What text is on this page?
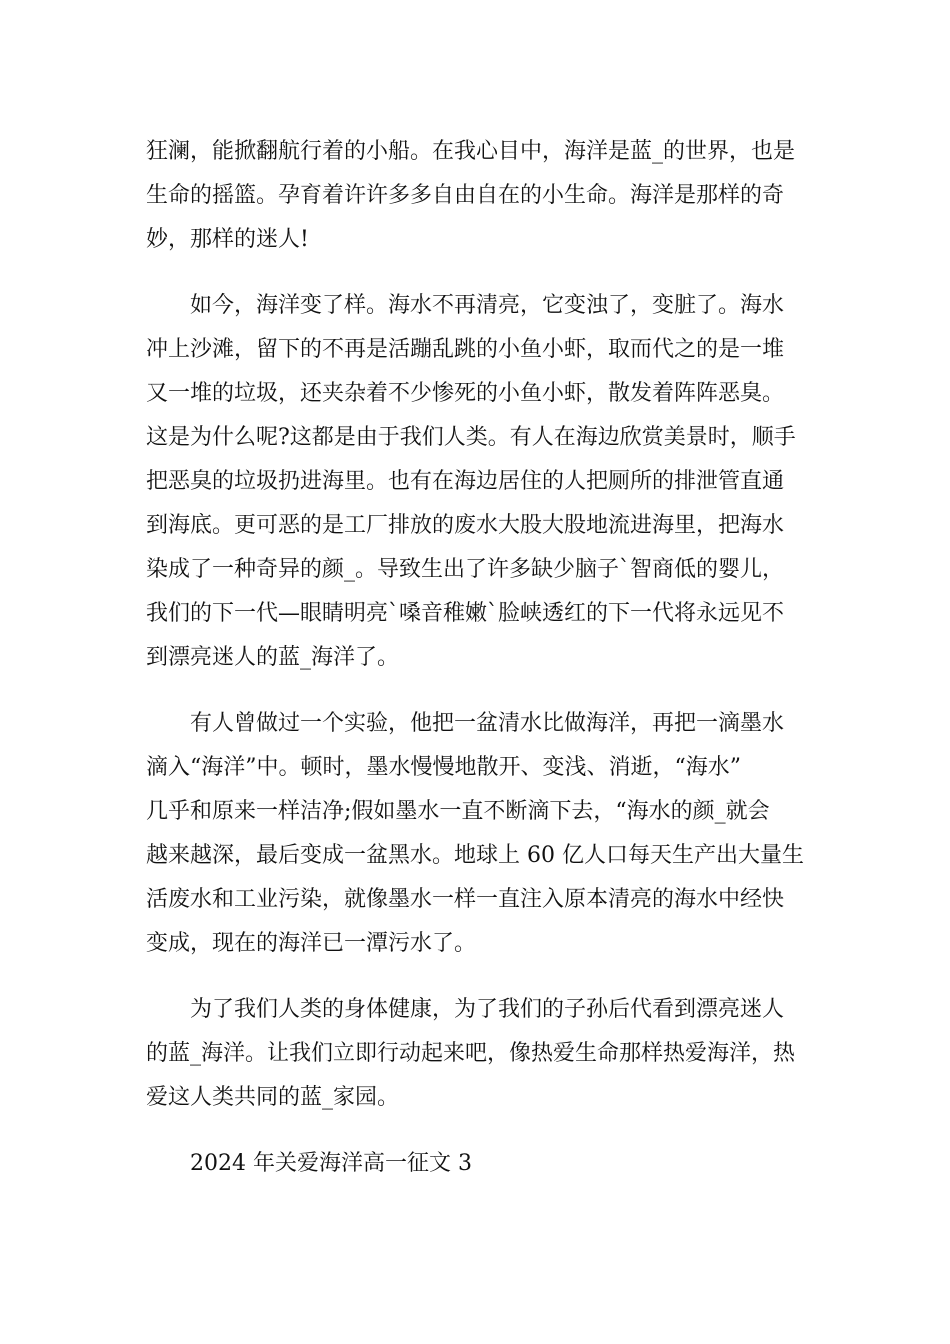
狂澜，能掀翻航行着的小船。在我心目中，海洋是蓝_的世界，也是
生命的摇篮。孕育着许许多多自由自在的小生命。海洋是那样的奇
妙，那样的迷人!
如今，海洋变了样。海水不再清亮，它变浊了，变脏了。海水
冲上沙滩，留下的不再是活蹦乱跳的小鱼小虾，取而代之的是一堆
又一堆的垃圾，还夹杂着不少惨死的小鱼小虾，散发着阵阵恶臭。
这是为什么呢?这都是由于我们人类。有人在海边欣赏美景时，顺手
把恶臭的垃圾扔进海里。也有在海边居住的人把厕所的排泄管直通
到海底。更可恶的是工厂排放的废水大股大股地流进海里，把海水
染成了一种奇异的颜_。导致生出了许多缺少脑子`智商低的婴儿，
我们的下一代—眼睛明亮`嗓音稚嫩`脸峡透红的下一代将永远见不
到漂亮迷人的蓝_海洋了。
有人曾做过一个实验，他把一盆清水比做海洋，再把一滴墨水
滴入“海洋”中。顿时，墨水慢慢地散开、变浅、消逝，“海水”
几乎和原来一样洁净;假如墨水一直不断滴下去，“海水的颜_就会
越来越深，最后变成一盆黑水。地球上 60 亿人口每天生产出大量生
活废水和工业污染，就像墨水一样一直注入原本清亮的海水中经快
变成，现在的海洋已一潭污水了。
为了我们人类的身体健康，为了我们的子孙后代看到漂亮迷人
的蓝_海洋。让我们立即行动起来吧，像热爱生命那样热爱海洋，热
爱这人类共同的蓝_家园。
2024 年关爱海洋高一征文 3
